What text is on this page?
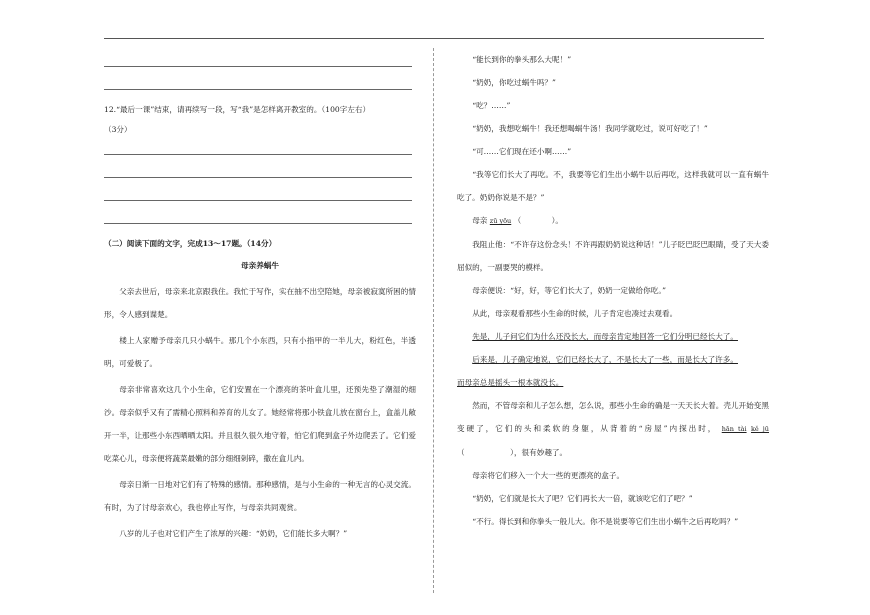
12.“最后一课”结束，请再续写一段，写“我”是怎样离开教室的。（100字左右）

（3分）

（二）阅读下面的文字，完成13～17题。（14分）

母亲养蜗牛

父亲去世后，母亲来北京跟我住。我忙于写作，实在抽不出空陪她，母亲被寂寞所困的情形，令人感到谍楚。

楼上人家赠予母亲几只小蜗牛。那几个小东西，只有小指甲的一半儿大，粉红色，半透明，可爱极了。

母亲非常喜欢这几个小生命，它们安置在一个漂亮的茶叶盒儿里，还预先垫了潮湿的细沙。母亲似乎又有了需精心照料和养育的儿女了。她经常将那小铁盒儿放在窗台上，盒盖儿敞开一半，让那些小东西晒晒太阳。并且很久很久地守着，怕它们爬到盒子外边爬丢了。它们爱吃菜心儿，母亲便将蔬菜最嫩的部分细细剁碎，撒在盒儿内。

母亲日渐一日地对它们有了特殊的感情。那种感情，是与小生命的一种无言的心灵交流。有时，为了讨母亲欢心，我也停止写作，与母亲共同观赏。

八岁的儿子也对它们产生了浓厚的兴趣：“奶奶，它们能长多大啊？”

“能长到你的拳头那么大呢！”

“奶奶，你吃过蜗牛吗？”

“吃？……”

“奶奶，我想吃蜗牛！我还想喝蜗牛汤！我同学就吃过，说可好吃了！”

“可……它们现在还小啊……”

“我等它们长大了再吃。不，我要等它们生出小蜗牛以后再吃，这样我就可以一直有蜗牛吃了。奶奶你说是不是？”

母亲 zū yōu （　　　　）。

我阻止他：“不许存这份念头！不许再跟奶奶说这种话！”儿子眨巴眨巴眼睛，受了天大委屈似的，一副要哭的模样。

母亲便说：“好，好，等它们长大了，奶奶一定做给你吃。”

从此，母亲观看那些小生命的时候，儿子肯定也凑过去观看。

先是，儿子问它们为什么还没长大，而母亲肯定地回答一它们分明已经长大了。

后来是，儿子确定地说，它们已经长大了，不是长大了一些，而是长大了许多。

而母亲总是摇头一根本就没长。

然而，不管母亲和儿子怎么想，怎么说，那些小生命的确是一天天长大着。壳儿开始变黑变硬了，它们的头和柔软的身躯，从背着的“房屋”内探出时， hān tài kě jū （　　　　　　），很有妙趣了。

母亲将它们移入一个大一些的更漂亮的盒子。

“奶奶，它们就是长大了吧？它们再长大一倍，就该吃它们了吧？”

“不行。得长到和你拳头一般儿大。你不是说要等它们生出小蜗牛之后再吃吗？”
